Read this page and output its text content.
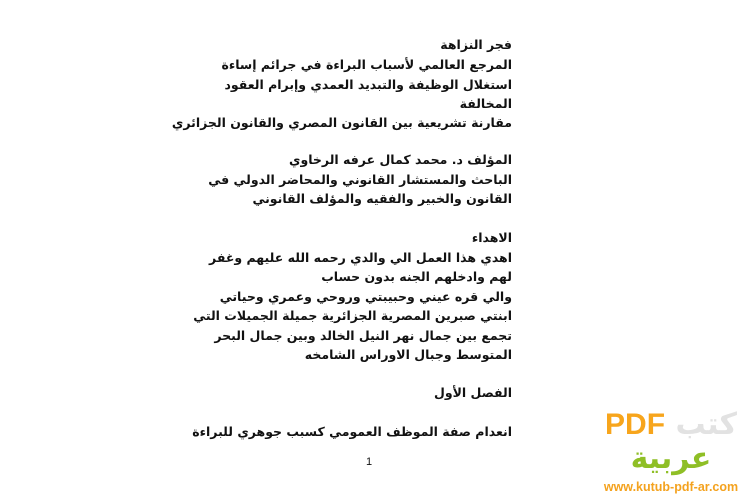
فجر النزاهة
المرجع العالمي لأسباب البراءة في جرائم إساءة
استغلال الوظيفة والتبديد العمدي وإبرام العقود
المخالفة
مقارنة تشريعية بين القانون المصري والقانون الجزائري
المؤلف د. محمد كمال عرفه الرخاوي
الباحث والمستشار القانوني والمحاضر الدولي في
القانون والخبير والفقيه والمؤلف القانوني
الاهداء
اهدي هذا العمل الي والدي رحمه الله عليهم وغفر
لهم وادخلهم الجنه بدون حساب
والي قره عيني وحبيبتي وروحي وعمري وحياتي
ابنتي صبرين المصرية الجزائرية جميلة الجميلات التي
تجمع بين جمال نهر النيل الخالد وبين جمال البحر
المتوسط وجبال الاوراس الشامخه
الفصل الأول
انعدام صفة الموظف العمومي كسبب جوهري للبراءة
1
كتب PDF عربية
www.kutub-pdf-ar.com
